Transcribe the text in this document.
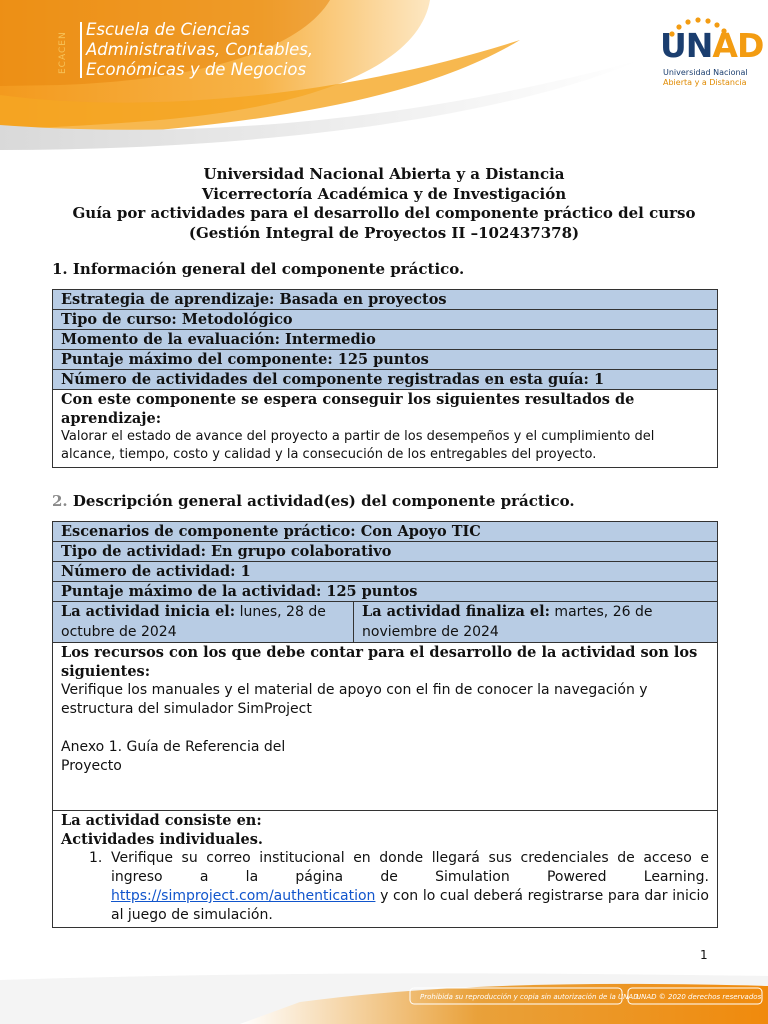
ECACEN
Escuela de Ciencias
Administrativas, Contables,
Económicas y de Negocios
UNAD
Universidad Nacional
Abierta y a Distancia
Universidad Nacional Abierta y a Distancia
Vicerrectoría Académica y de Investigación
Guía por actividades para el desarrollo del componente práctico del curso
(Gestión Integral de Proyectos II –102437378)
1. Información general del componente práctico.
Estrategia de aprendizaje: Basada en proyectos
Tipo de curso: Metodológico
Momento de la evaluación: Intermedio
Puntaje máximo del componente: 125 puntos
Número de actividades del componente registradas en esta guía: 1
Con este componente se espera conseguir los siguientes resultados de aprendizaje:
Valorar el estado de avance del proyecto a partir de los desempeños y el cumplimiento del alcance, tiempo, costo y calidad y la consecución de los entregables del proyecto.
2. Descripción general actividad(es) del componente práctico.
Escenarios de componente práctico: Con Apoyo TIC
Tipo de actividad: En grupo colaborativo
Número de actividad: 1
Puntaje máximo de la actividad: 125 puntos
La actividad inicia el: lunes, 28 de octubre de 2024
La actividad finaliza el: martes, 26 de noviembre de 2024
Los recursos con los que debe contar para el desarrollo de la actividad son los siguientes:
Verifique los manuales y el material de apoyo con el fin de conocer la navegación y estructura del simulador SimProject
Anexo 1. Guía de Referencia del Proyecto
La actividad consiste en:
Actividades individuales.
1. Verifique su correo institucional en donde llegará sus credenciales de acceso e ingreso a la página de Simulation Powered Learning. https://simproject.com/authentication y con lo cual deberá registrarse para dar inicio al juego de simulación.
1
Prohibida su reproducción y copia sin autorización de la UNAD.
UNAD © 2020 derechos reservados.
